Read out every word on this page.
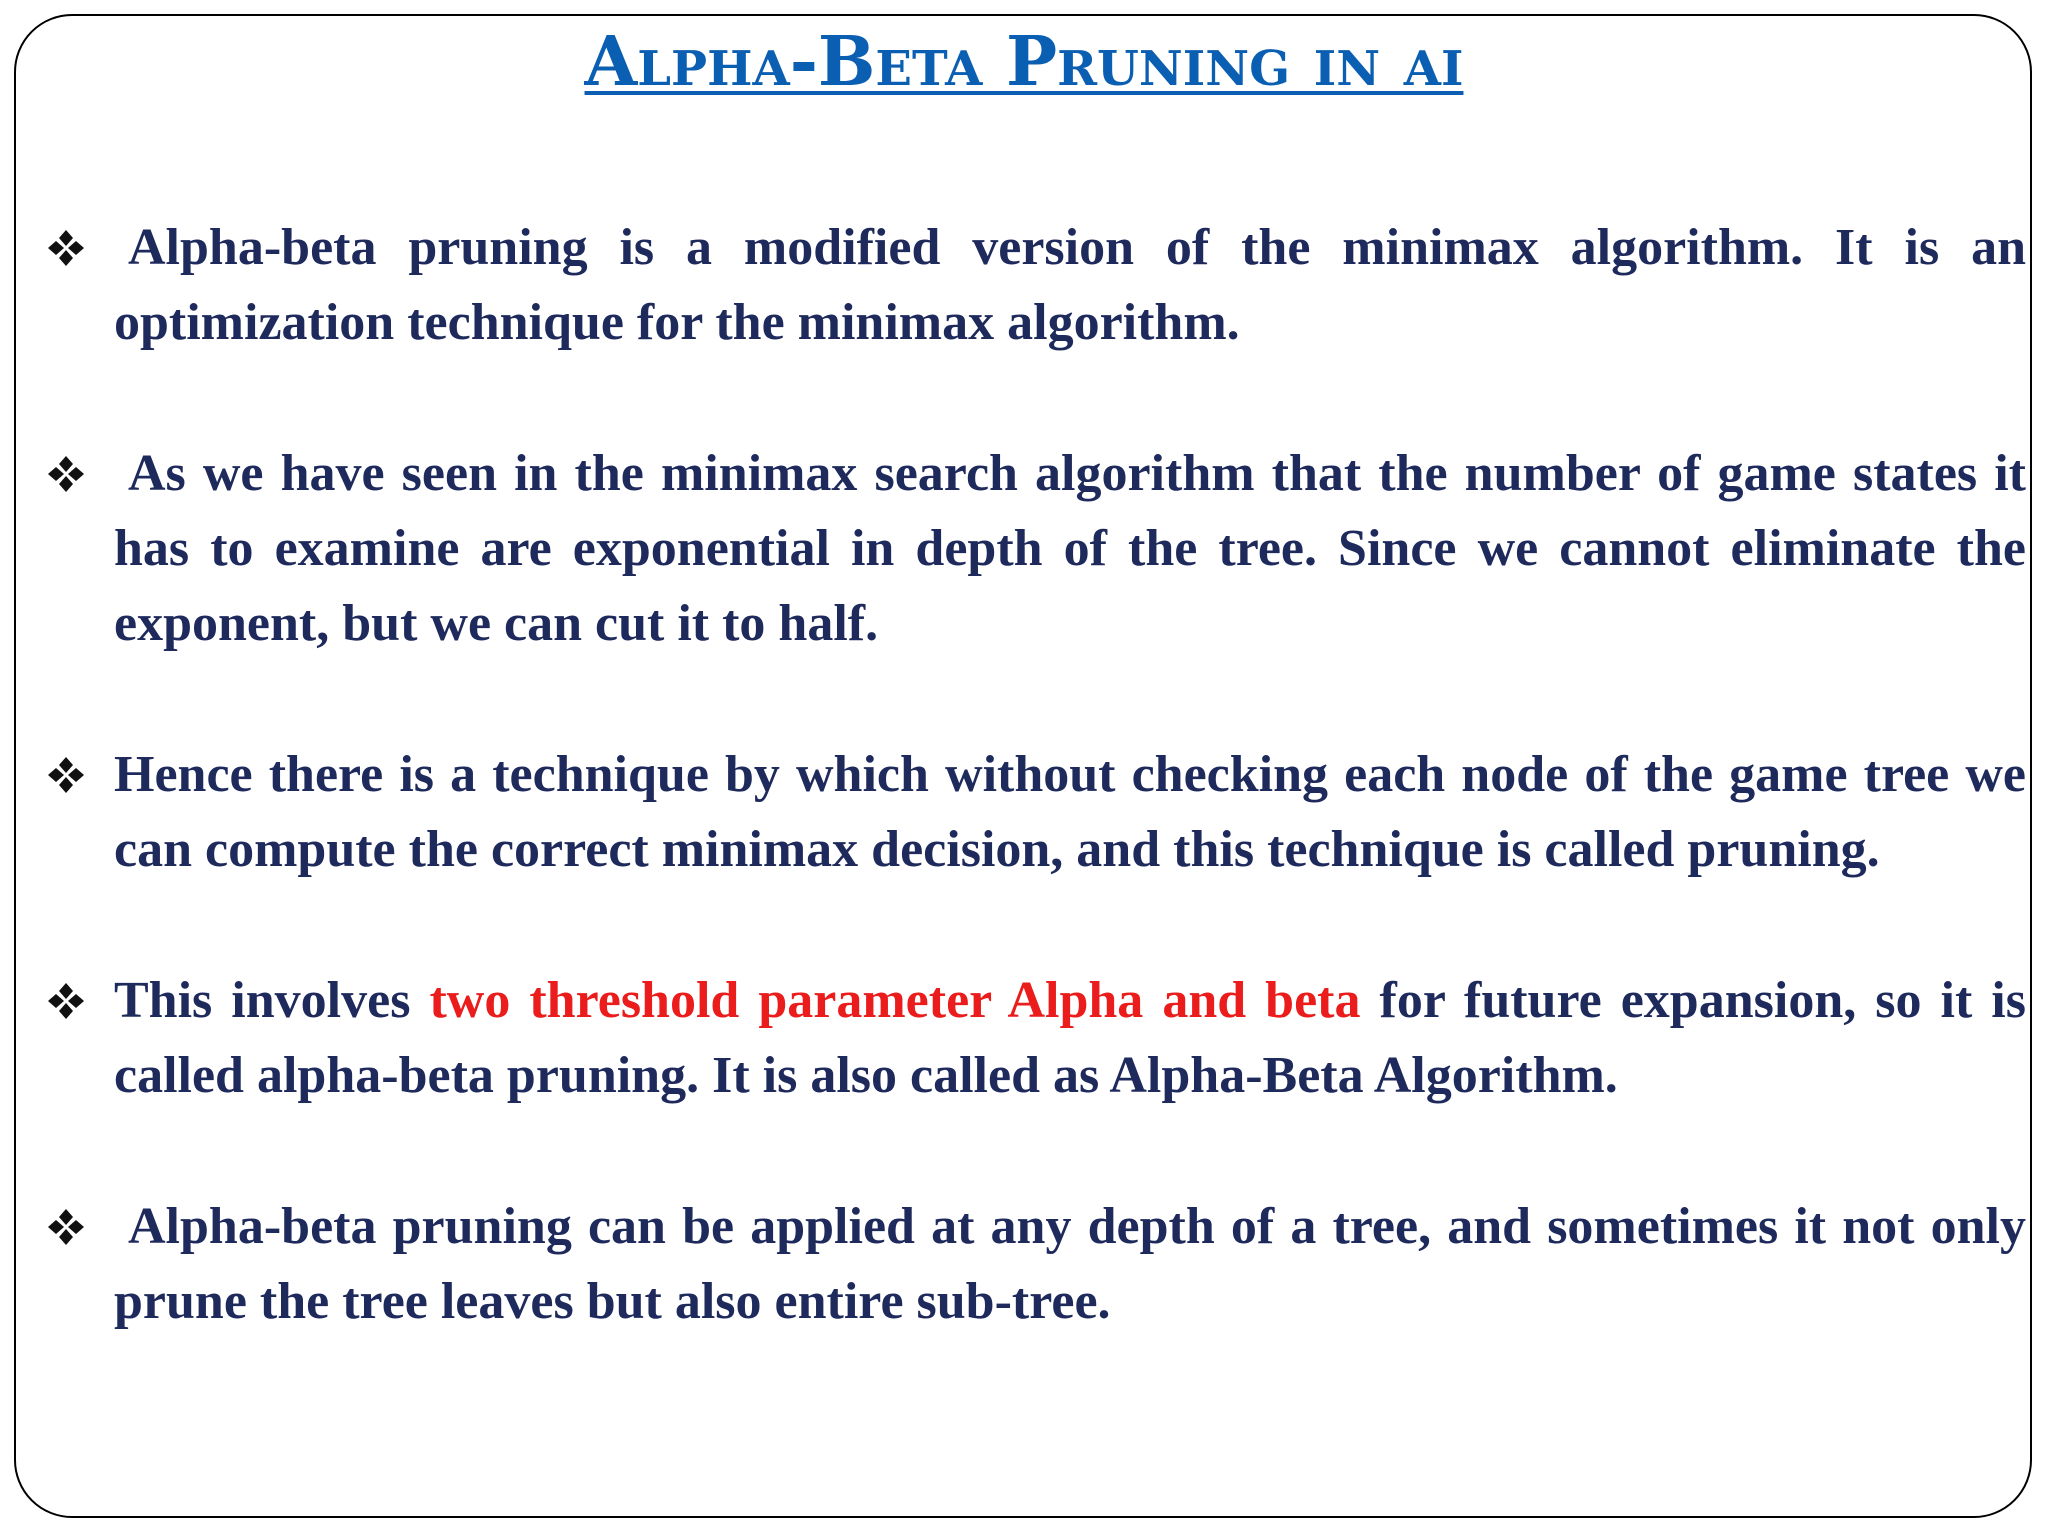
Alpha-Beta Pruning in ai
Alpha-beta pruning is a modified version of the minimax algorithm. It is an optimization technique for the minimax algorithm.
As we have seen in the minimax search algorithm that the number of game states it has to examine are exponential in depth of the tree. Since we cannot eliminate the exponent, but we can cut it to half.
Hence there is a technique by which without checking each node of the game tree we can compute the correct minimax decision, and this technique is called pruning.
This involves two threshold parameter Alpha and beta for future expansion, so it is called alpha-beta pruning. It is also called as Alpha-Beta Algorithm.
Alpha-beta pruning can be applied at any depth of a tree, and sometimes it not only prune the tree leaves but also entire sub-tree.
